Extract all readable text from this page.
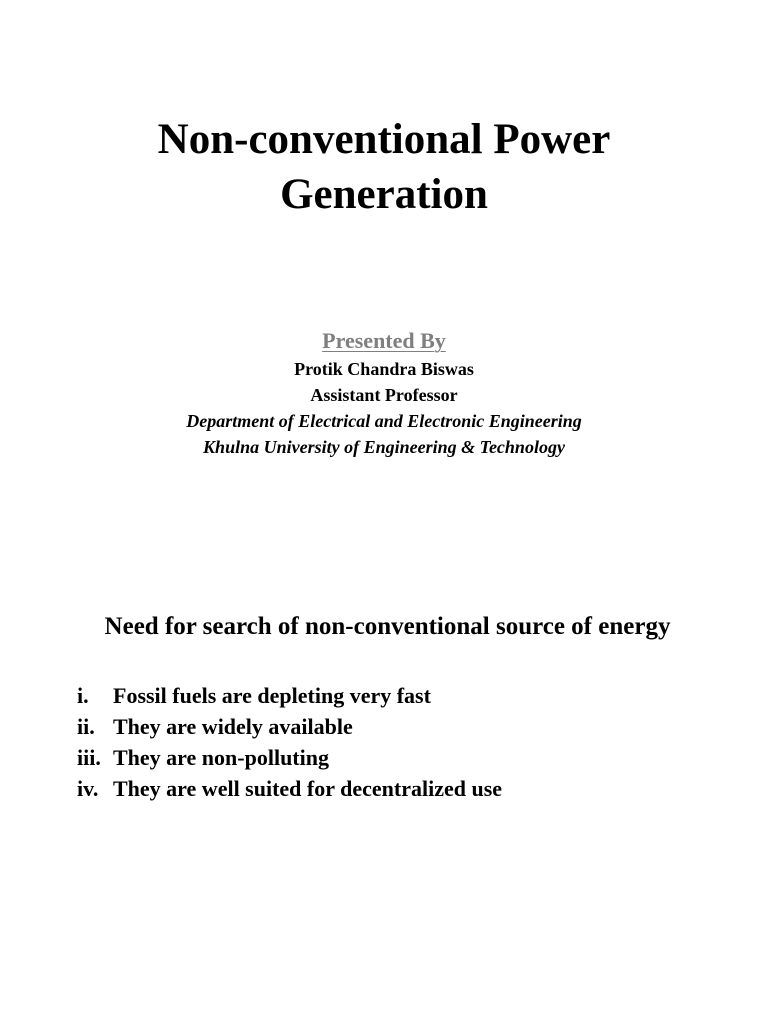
Non-conventional Power
Generation
Presented By

Protik Chandra Biswas

Assistant Professor

Department of Electrical and Electronic Engineering

Khulna University of Engineering & Technology

Need for search of non-conventional source of energy
i.	Fossil fuels are depleting very fast
ii. They are widely available
iii. They are non-polluting
iv. They are well suited for decentralized use
